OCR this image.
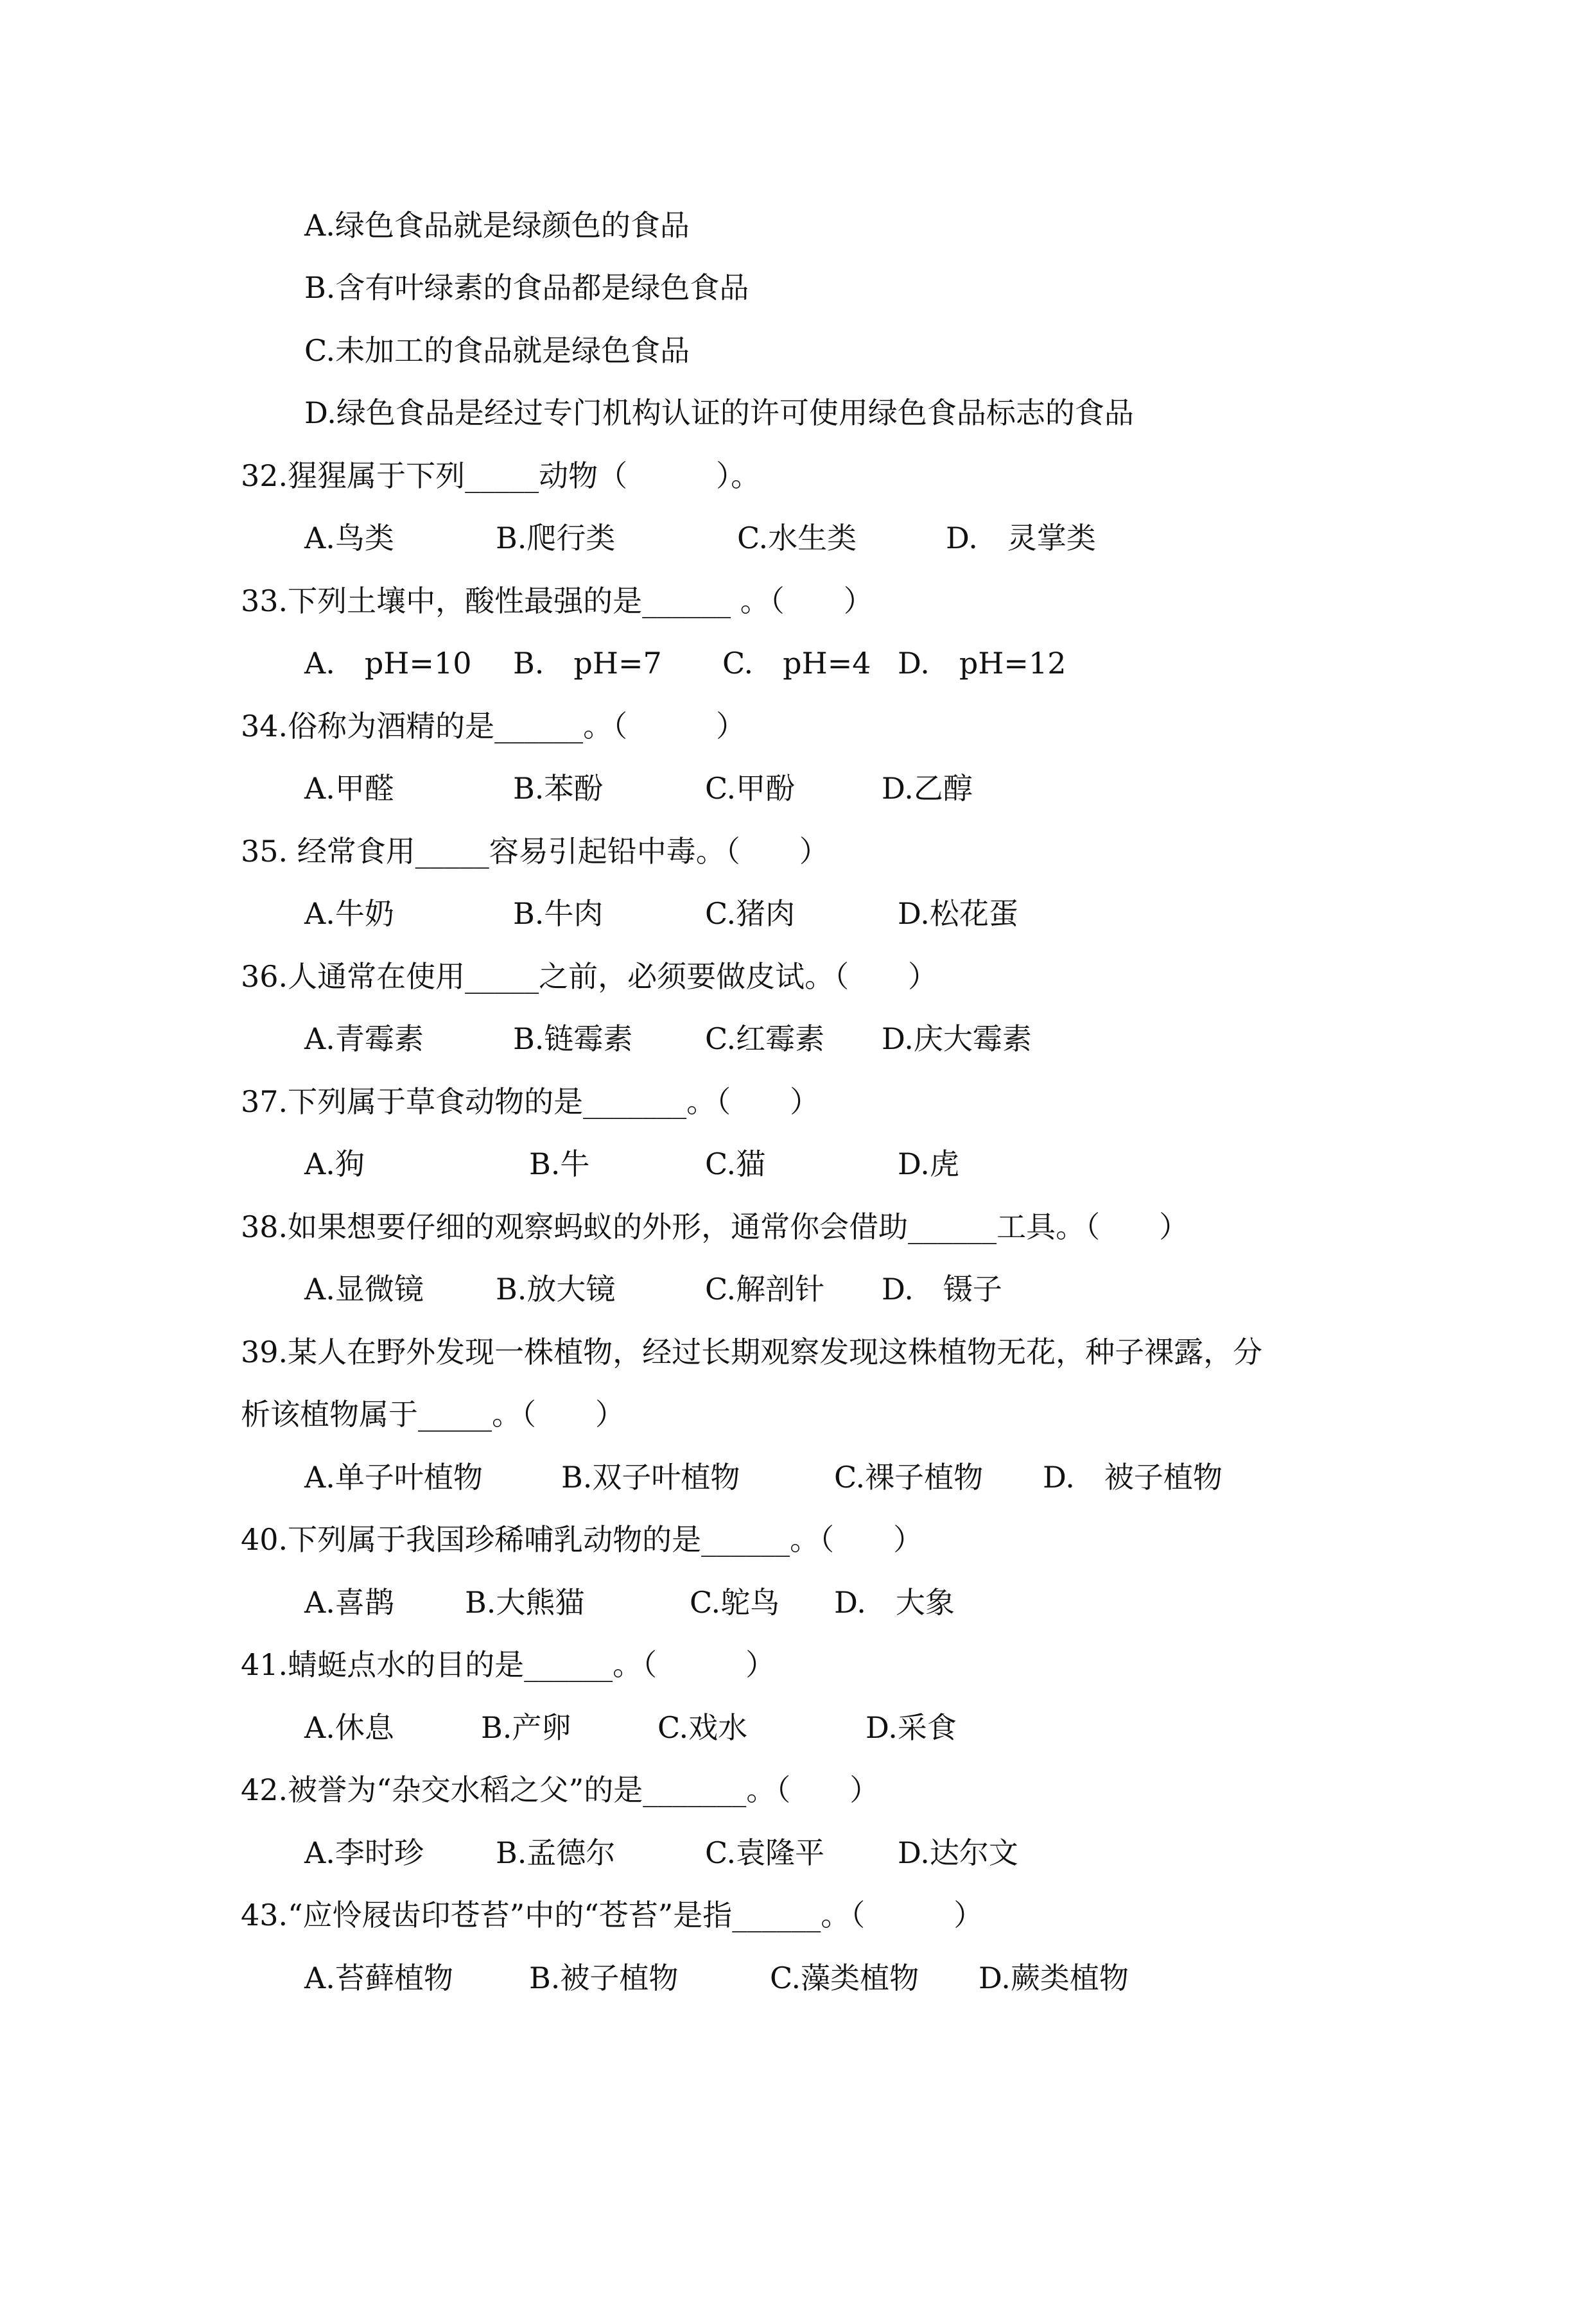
A.绿色食品就是绿颜色的食品
B.含有叶绿素的食品都是绿色食品
C.未加工的食品就是绿色食品
D.绿色食品是经过专门机构认证的许可使用绿色食品标志的食品
32.猩猩属于下列_____动物（　　　）。

A.鸟类

	B.爬行类

	C.水生类

	D.　灵掌类

33.下列土壤中，酸性最强的是______ 。（　　）

A.　pH=10

B.　pH=7

C.　pH=4

D.　pH=12

34.俗称为酒精的是______。（　　　）

A.甲醛

	B.苯酚

	C.甲酚

	D.乙醇

35. 经常食用_____容易引起铅中毒。（　　）

A.牛奶

	B.牛肉

	C.猪肉

	D.松花蛋

36.人通常在使用_____之前，必须要做皮试。（　　）

A.青霉素

	B.链霉素

C.红霉素

D.庆大霉素

37.下列属于草食动物的是_______。（　　）

A.狗

	B.牛

	C.猫

	D.虎

38.如果想要仔细的观察蚂蚁的外形，通常你会借助______工具。（　　）

A.显微镜

B.放大镜

	C.解剖针

D.　镊子

39.某人在野外发现一株植物，经过长期观察发现这株植物无花，种子裸露，分
析该植物属于_____。（　　）

A.单子叶植物

	B.双子叶植物

	C.裸子植物

D.　被子植物

40.下列属于我国珍稀哺乳动物的是______。（　　）

A.喜鹊

B.大熊猫

	C.鸵鸟

D.　大象

41.蜻蜓点水的目的是______。（　　　）

A.休息

	B.产卵

	C.戏水

	D.采食

42.被誉为“杂交水稻之父”的是_______。（　　）

A.李时珍

B.孟德尔

	C.袁隆平

D.达尔文

43.“应怜屐齿印苍苔”中的“苍苔”是指______。（　　　）

A.苔藓植物

	B.被子植物

	C.藻类植物

D.蕨类植物
